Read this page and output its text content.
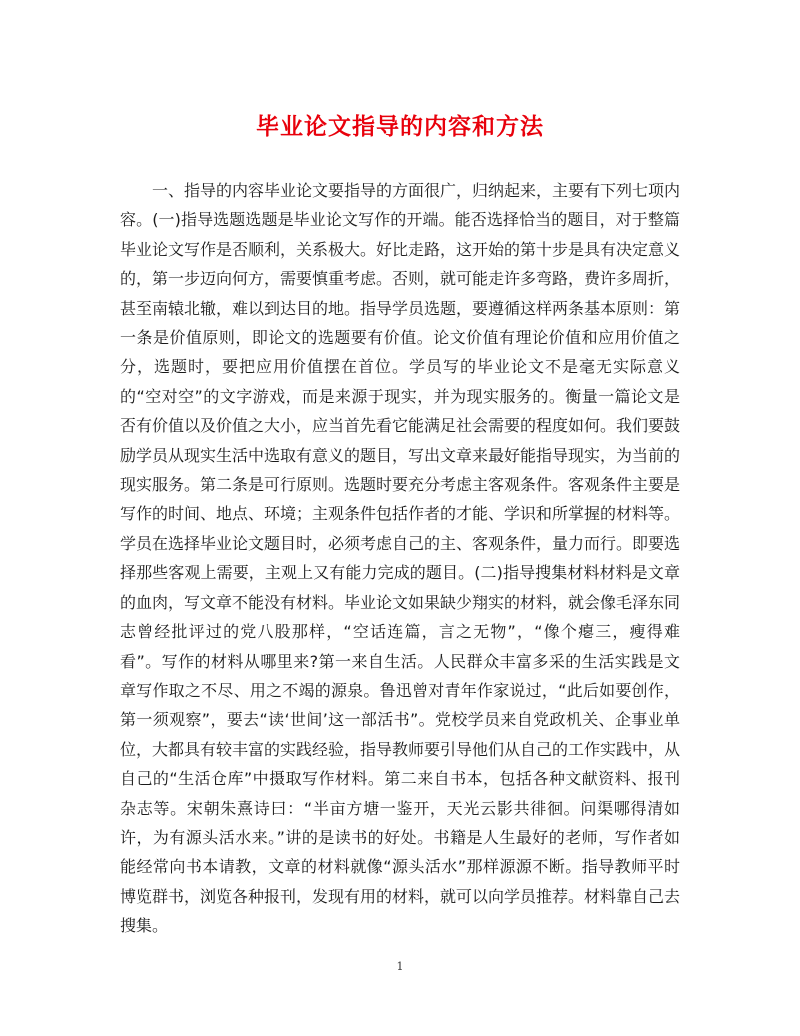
毕业论文指导的内容和方法

一、指导的内容毕业论文要指导的方面很广，归纳起来，主要有下列七项内容。(一)指导选题选题是毕业论文写作的开端。能否选择恰当的题目，对于整篇毕业论文写作是否顺利，关系极大。好比走路，这开始的第十步是具有决定意义的，第一步迈向何方，需要慎重考虑。否则，就可能走许多弯路，费许多周折，甚至南辕北辙，难以到达目的地。指导学员选题，要遵循这样两条基本原则：第一条是价值原则，即论文的选题要有价值。论文价值有理论价值和应用价值之分，选题时，要把应用价值摆在首位。学员写的毕业论文不是毫无实际意义的“空对空”的文字游戏，而是来源于现实，并为现实服务的。衡量一篇论文是否有价值以及价值之大小，应当首先看它能满足社会需要的程度如何。我们要鼓励学员从现实生活中选取有意义的题目，写出文章来最好能指导现实，为当前的现实服务。第二条是可行原则。选题时要充分考虑主客观条件。客观条件主要是写作的时间、地点、环境；主观条件包括作者的才能、学识和所掌握的材料等。学员在选择毕业论文题目时，必须考虑自己的主、客观条件，量力而行。即要选择那些客观上需要，主观上又有能力完成的题目。(二)指导搜集材料材料是文章的血肉，写文章不能没有材料。毕业论文如果缺少翔实的材料，就会像毛泽东同志曾经批评过的党八股那样，“空话连篇，言之无物”，“像个瘪三，瘦得难看”。写作的材料从哪里来?第一来自生活。人民群众丰富多采的生活实践是文章写作取之不尽、用之不竭的源泉。鲁迅曾对青年作家说过，“此后如要创作，第一须观察”，要去“读‘世间’这一部活书”。党校学员来自党政机关、企事业单位，大都具有较丰富的实践经验，指导教师要引导他们从自己的工作实践中，从自己的“生活仓库”中摄取写作材料。第二来自书本，包括各种文献资料、报刊杂志等。宋朝朱熹诗曰：“半亩方塘一鉴开，天光云影共徘徊。问渠哪得清如许，为有源头活水来。”讲的是读书的好处。书籍是人生最好的老师，写作者如能经常向书本请教，文章的材料就像“源头活水”那样源源不断。指导教师平时博览群书，浏览各种报刊，发现有用的材料，就可以向学员推荐。材料靠自己去搜集。

1
